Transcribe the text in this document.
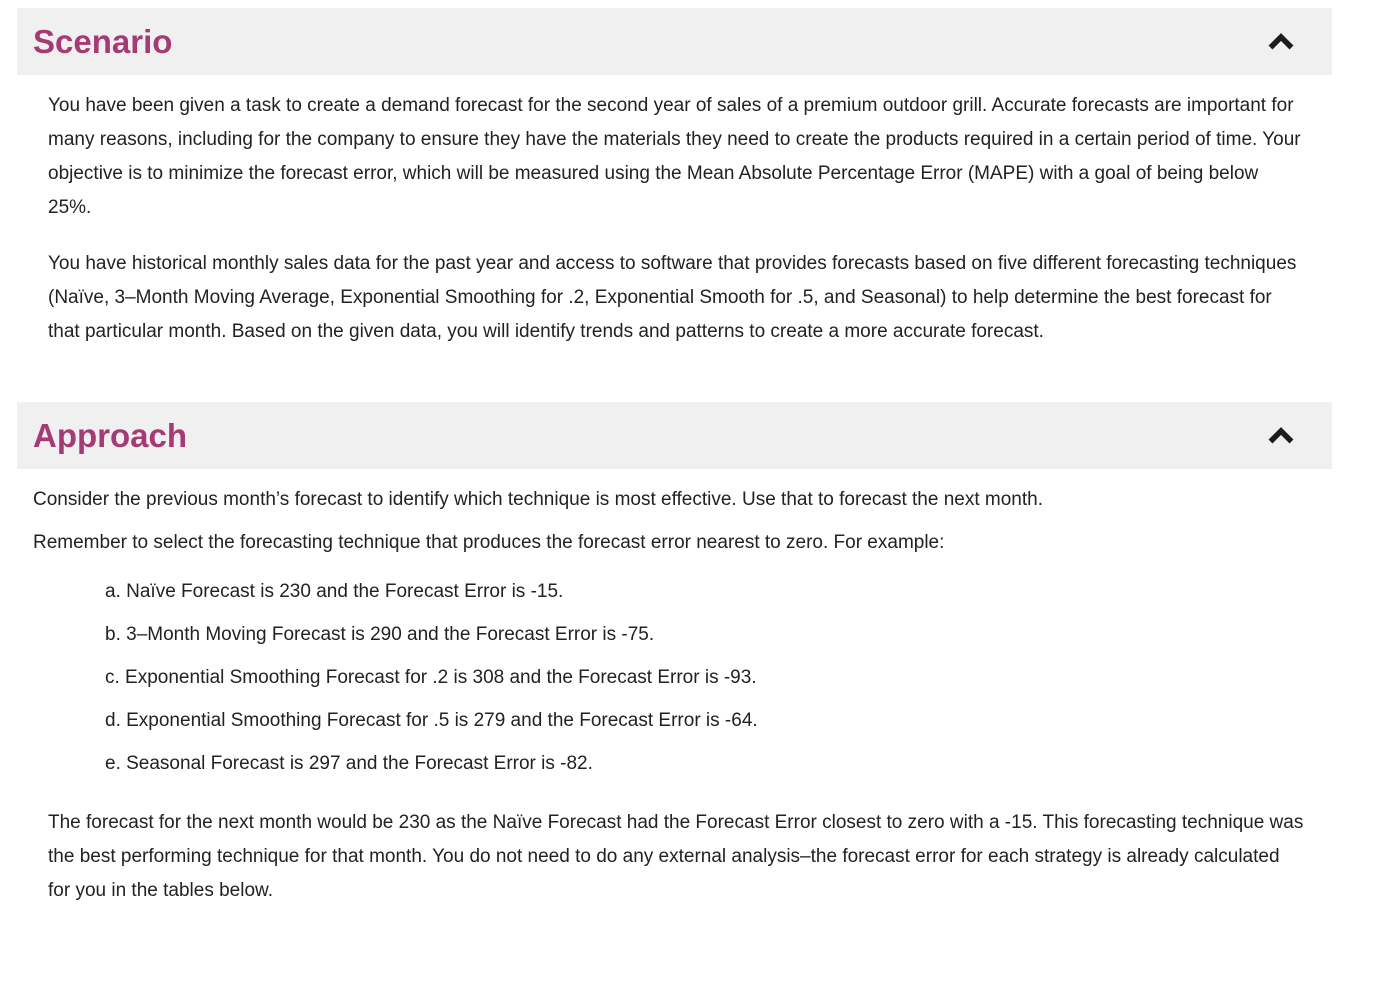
Scenario

You have been given a task to create a demand forecast for the second year of sales of a premium outdoor grill. Accurate forecasts are important for many reasons, including for the company to ensure they have the materials they need to create the products required in a certain period of time. Your objective is to minimize the forecast error, which will be measured using the Mean Absolute Percentage Error (MAPE) with a goal of being below 25%.

You have historical monthly sales data for the past year and access to software that provides forecasts based on five different forecasting techniques (Naïve, 3–Month Moving Average, Exponential Smoothing for .2, Exponential Smooth for .5, and Seasonal) to help determine the best forecast for that particular month. Based on the given data, you will identify trends and patterns to create a more accurate forecast.

Approach

Consider the previous month’s forecast to identify which technique is most effective. Use that to forecast the next month.

Remember to select the forecasting technique that produces the forecast error nearest to zero. For example:

a. Naïve Forecast is 230 and the Forecast Error is -15.
b. 3–Month Moving Forecast is 290 and the Forecast Error is -75.
c. Exponential Smoothing Forecast for .2 is 308 and the Forecast Error is -93.
d. Exponential Smoothing Forecast for .5 is 279 and the Forecast Error is -64.
e. Seasonal Forecast is 297 and the Forecast Error is -82.

The forecast for the next month would be 230 as the Naïve Forecast had the Forecast Error closest to zero with a -15. This forecasting technique was the best performing technique for that month. You do not need to do any external analysis–the forecast error for each strategy is already calculated for you in the tables below.
